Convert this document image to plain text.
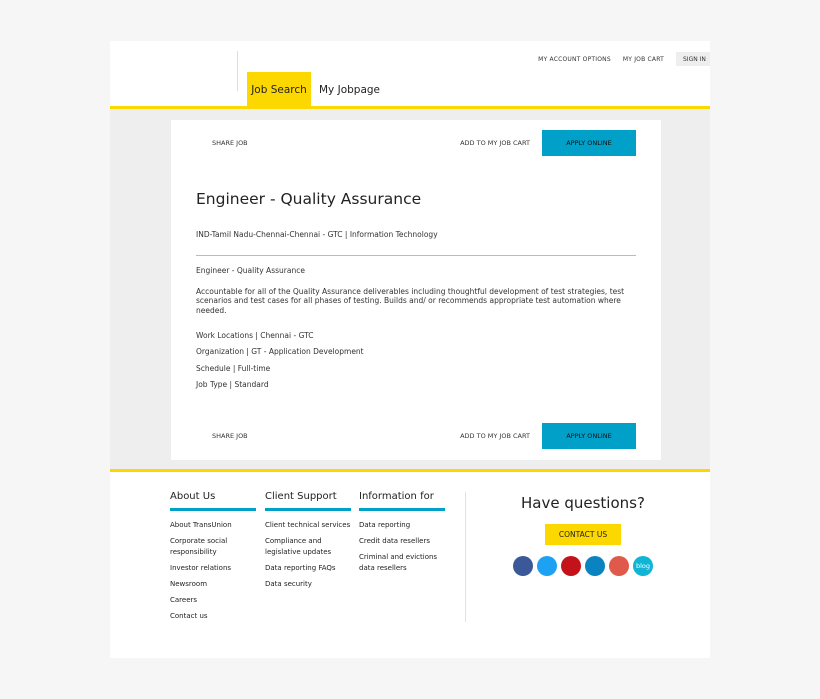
MY ACCOUNT OPTIONS MY JOB CART	SIGN IN
Job Search	My Jobpage
SHARE JOB	ADD TO MY JOB CART	APPLY ONLINE
Engineer - Quality Assurance
IND-Tamil Nadu-Chennai-Chennai - GTC | Information Technology

Engineer - Quality Assurance

Accountable for all of the Quality Assurance deliverables including thoughtful development of test strategies, test scenarios and test cases for all phases of testing. Builds and/ or recommends appropriate test automation where needed.

Work Locations | Chennai - GTC

Organization | GT - Application Development

Schedule | Full-time

Job Type | Standard

SHARE JOB	ADD TO MY JOB CART	APPLY ONLINE
About Us
About TransUnion
Corporate social responsibility
Investor relations
Newsroom
Careers
Contact us
Client Support
Client technical services
Compliance and legislative updates
Data reporting FAQs
Data security
Information for
Data reporting
Credit data resellers
Criminal and evictions data resellers
Have questions?
CONTACT US
blog
